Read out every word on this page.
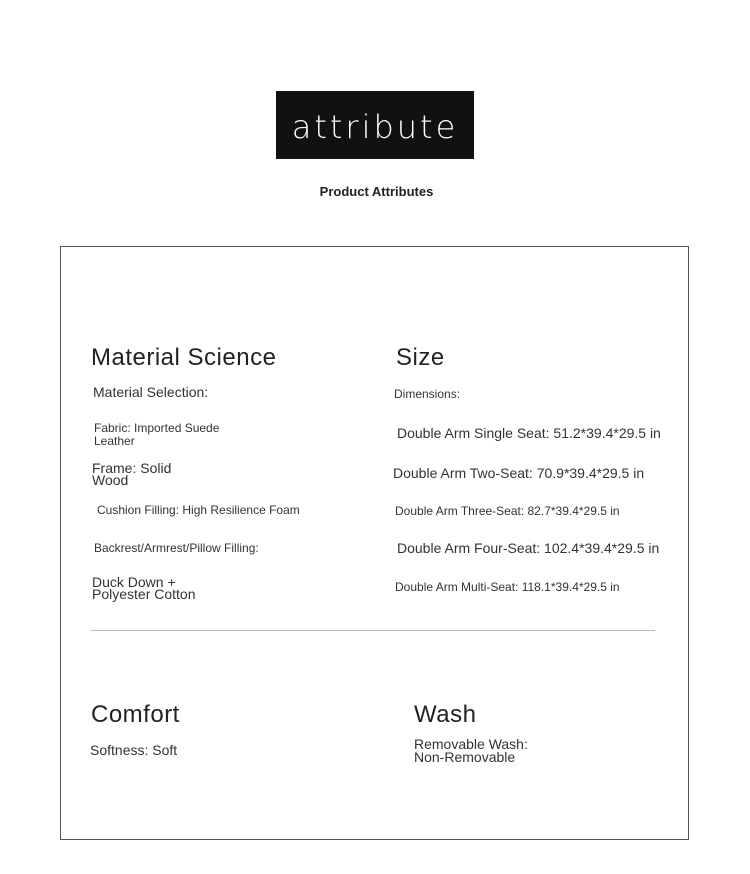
attribute
Product Attributes
Material Science
Material Selection:
Fabric: Imported Suede
Leather
Frame: Solid
Wood
Cushion Filling: High Resilience Foam
Backrest/Armrest/Pillow Filling:
Duck Down +
Polyester Cotton
Size
Dimensions:
Double Arm Single Seat: 51.2*39.4*29.5 in
Double Arm Two-Seat: 70.9*39.4*29.5 in
Double Arm Three-Seat: 82.7*39.4*29.5 in
Double Arm Four-Seat: 102.4*39.4*29.5 in
Double Arm Multi-Seat: 118.1*39.4*29.5 in
Comfort
Softness: Soft
Wash
Removable Wash:
Non-Removable
